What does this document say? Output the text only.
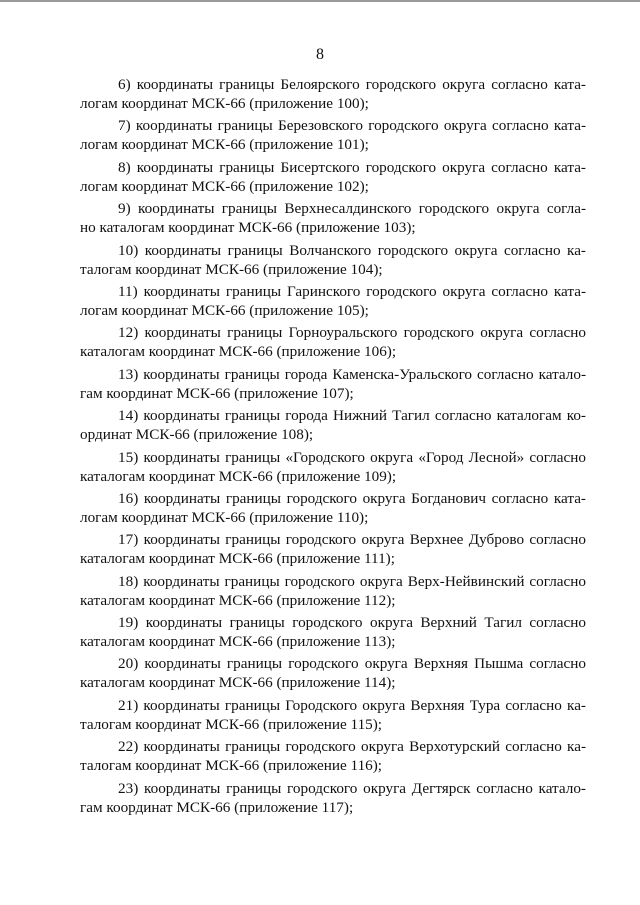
8
6) координаты границы Белоярского городского округа согласно ката-
логам координат МСК-66 (приложение 100);
7) координаты границы Березовского городского округа согласно ката-
логам координат МСК-66 (приложение 101);
8) координаты границы Бисертского городского округа согласно ката-
логам координат МСК-66 (приложение 102);
9) координаты границы Верхнесалдинского городского округа согла-
но каталогам координат МСК-66 (приложение 103);
10) координаты границы Волчанского городского округа согласно ка-
талогам координат МСК-66 (приложение 104);
11) координаты границы Гаринского городского округа согласно ката-
логам координат МСК-66 (приложение 105);
12) координаты границы Горноуральского городского округа согласно
каталогам координат МСК-66 (приложение 106);
13) координаты границы города Каменска-Уральского согласно катало-
гам координат МСК-66 (приложение 107);
14) координаты границы города Нижний Тагил согласно каталогам ко-
ординат МСК-66 (приложение 108);
15) координаты границы «Городского округа «Город Лесной» согласно
каталогам координат МСК-66 (приложение 109);
16) координаты границы городского округа Богданович согласно ката-
логам координат МСК-66 (приложение 110);
17) координаты границы городского округа Верхнее Дуброво согласно
каталогам координат МСК-66 (приложение 111);
18) координаты границы городского округа Верх-Нейвинский согласно
каталогам координат МСК-66 (приложение 112);
19) координаты границы городского округа Верхний Тагил согласно
каталогам координат МСК-66 (приложение 113);
20) координаты границы городского округа Верхняя Пышма согласно
каталогам координат МСК-66 (приложение 114);
21) координаты границы Городского округа Верхняя Тура согласно ка-
талогам координат МСК-66 (приложение 115);
22) координаты границы городского округа Верхотурский согласно ка-
талогам координат МСК-66 (приложение 116);
23) координаты границы городского округа Дегтярск согласно катало-
гам координат МСК-66 (приложение 117);
